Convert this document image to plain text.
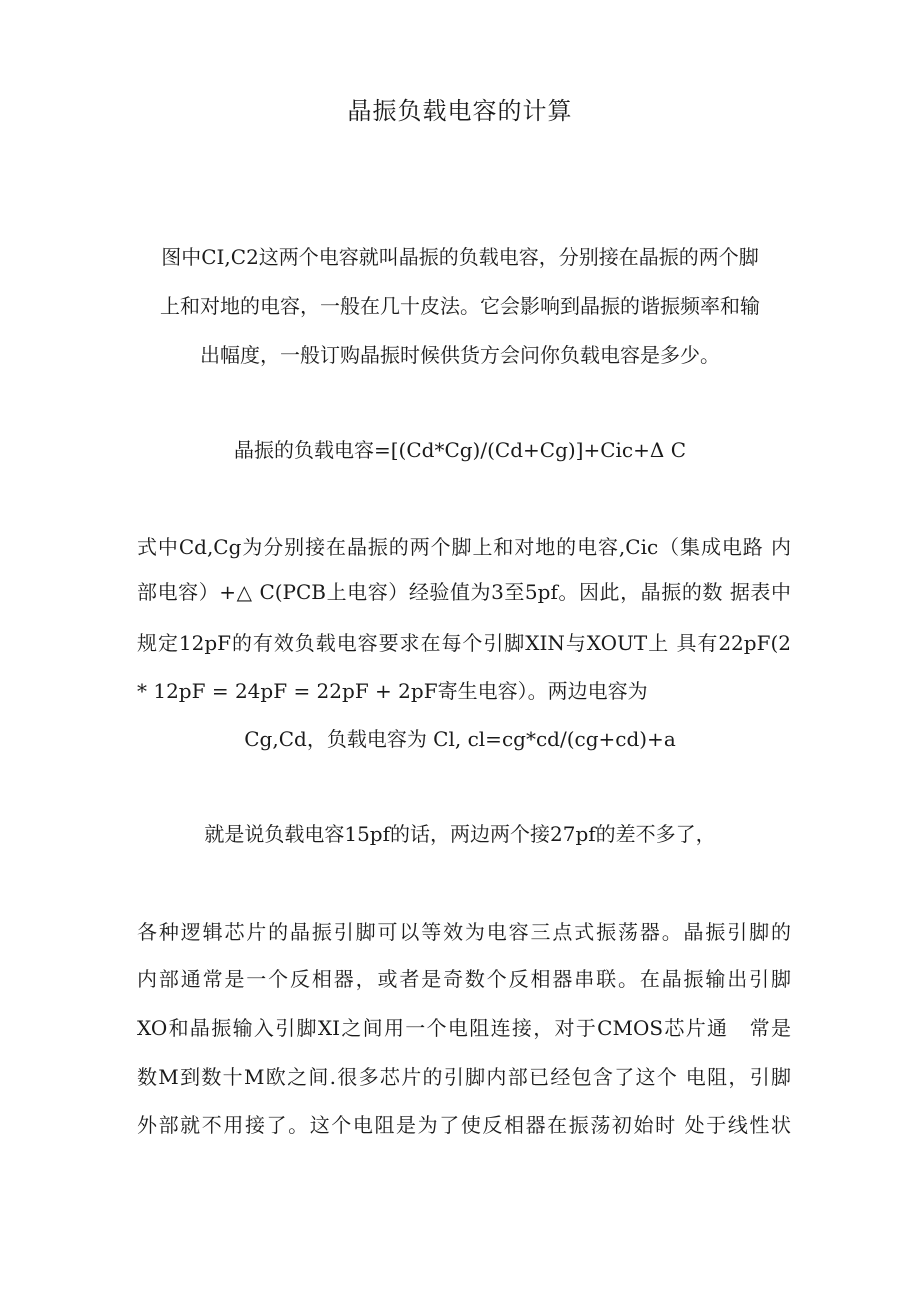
晶振负载电容的计算
图中CI,C2这两个电容就叫晶振的负载电容，分别接在晶振的两个脚
上和对地的电容，一般在几十皮法。它会影响到晶振的谐振频率和输
出幅度，一般订购晶振时候供货方会问你负载电容是多少。
晶振的负载电容=[(Cd*Cg)/(Cd+Cg)]+Cic+Δ C
式中Cd,Cg为分别接在晶振的两个脚上和对地的电容,Cic（集成电路 内
部电容）+△ C(PCB上电容）经验值为3至5pf。因此，晶振的数 据表中
规定12pF的有效负载电容要求在每个引脚XIN与XOUT上 具有22pF(2
* 12pF = 24pF = 22pF + 2pF寄生电容）。两边电容为
Cg,Cd，负载电容为 Cl, cl=cg*cd/(cg+cd)+a
就是说负载电容15pf的话，两边两个接27pf的差不多了，
各种逻辑芯片的晶振引脚可以等效为电容三点式振荡器。晶振引脚的
内部通常是一个反相器，或者是奇数个反相器串联。在晶振输出引脚
XO和晶振输入引脚XI之间用一个电阻连接，对于CMOS芯片通　常是
数M到数十M欧之间.很多芯片的引脚内部已经包含了这个 电阻，引脚
外部就不用接了。这个电阻是为了使反相器在振荡初始时 处于线性状
